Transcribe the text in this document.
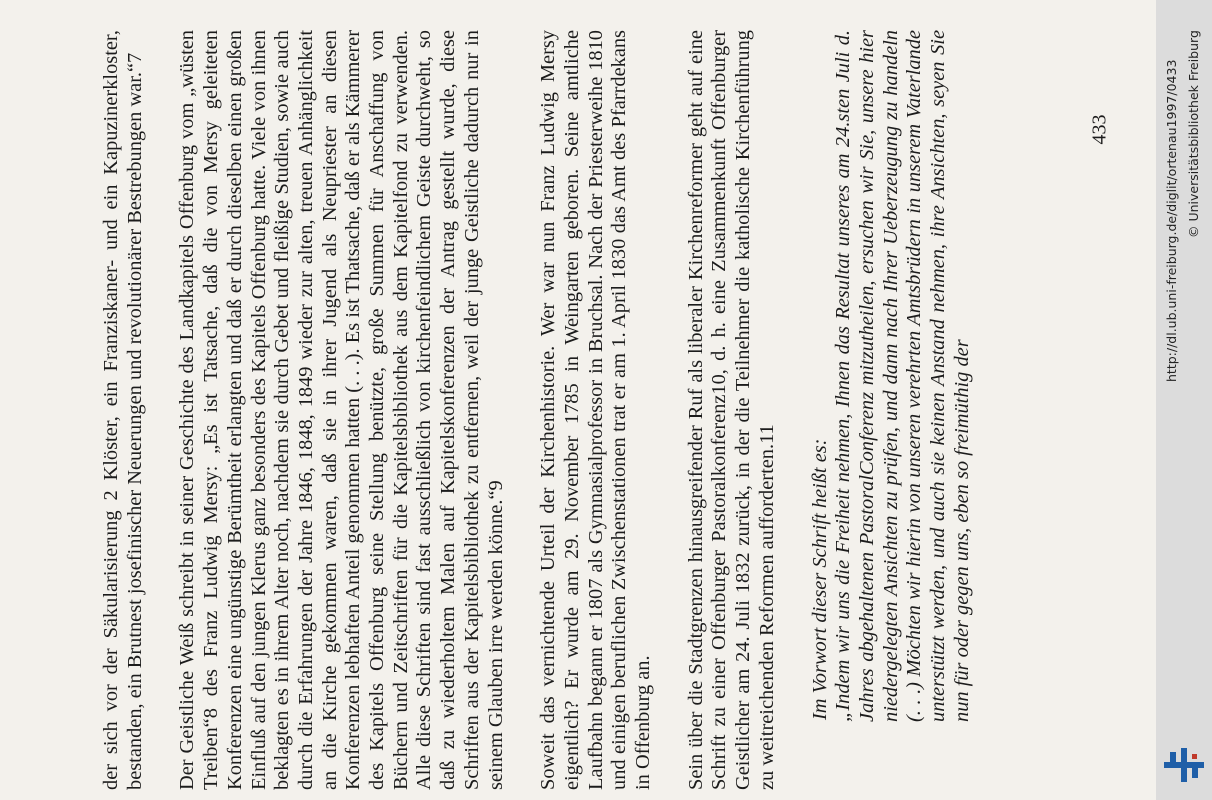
der sich vor der Säkularisierung 2 Klöster, ein Franziskaner- und ein Kapuzinerkloster, bestanden, ein Brutnest josefinischer Neuerungen und revolutionärer Bestrebungen war.“7 Der Geistliche Weiß schreibt in seiner Geschichte des Landkapitels Offenburg vom „wüsten Treiben“8 des Franz Ludwig Mersy: „Es ist Tatsache, daß die von Mersy geleiteten Konferenzen eine ungünstige Berümtheit erlangten und daß er durch dieselben einen großen Einfluß auf den jungen Klerus ganz besonders des Kapitels Offenburg hatte. Viele von ihnen beklagten es in ihrem Alter noch, nachdem sie durch Gebet und fleißige Studien, sowie auch durch die Erfahrungen der Jahre 1846, 1848, 1849 wieder zur alten, treuen Anhänglichkeit an die Kirche gekommen waren, daß sie in ihrer Jugend als Neupriester an diesen Konferenzen lebhaften Anteil genommen hatten (. . .). Es ist Thatsache, daß er als Kämmerer des Kapitels Offenburg seine Stellung benützte, große Summen für Anschaffung von Büchern und Zeitschriften für die Kapitelsbibliothek aus dem Kapitelfond zu verwenden. Alle diese Schriften sind fast ausschließlich von kirchenfeindlichem Geiste durchweht, so daß zu wiederholtem Malen auf Kapitelskonferenzen der Antrag gestellt wurde, diese Schriften aus der Kapitelsbibliothek zu entfernen, weil der junge Geistliche dadurch nur in seinem Glauben irre werden könne.“9 Soweit das vernichtende Urteil der Kirchenhistorie. Wer war nun Franz Ludwig Mersy eigentlich? Er wurde am 29. November 1785 in Weingarten geboren. Seine amtliche Laufbahn begann er 1807 als Gymnasialprofessor in Bruchsal. Nach der Priesterweihe 1810 und einigen beruflichen Zwischenstationen trat er am 1. April 1830 das Amt des Pfarrdekans in Offenburg an. Sein über die Stadtgrenzen hinausgreifender Ruf als liberaler Kirchenreformer geht auf eine Schrift zu einer Offenburger Pastoralkonferenz10, d. h. eine Zusammenkunft Offenburger Geistlicher am 24. Juli 1832 zurück, in der die Teilnehmer die katholische Kirchenführung zu weitreichenden Reformen aufforderten.11 Im Vorwort dieser Schrift heißt es: „Indem wir uns die Freiheit nehmen, Ihnen das Resultat unseres am 24.sten Juli d. Jahres abgehaltenen PastoralConferenz mitzutheilen, ersuchen wir Sie, unsere hier niedergelegten Ansichten zu prüfen, und dann nach Ihrer Ueberzeugung zu handeln (. . .) Möchten wir hierin von unseren verehrten Amtsbrüdern in unserem Vaterlande unterstützt werden, und auch sie keinen Anstand nehmen, ihre Ansichten, seyen Sie nun für oder gegen uns, eben so freimüthig der
433	http://dl.ub.uni-freiburg.de/diglit/ortenau1997/0433 © Universitätsbibliothek Freiburg
